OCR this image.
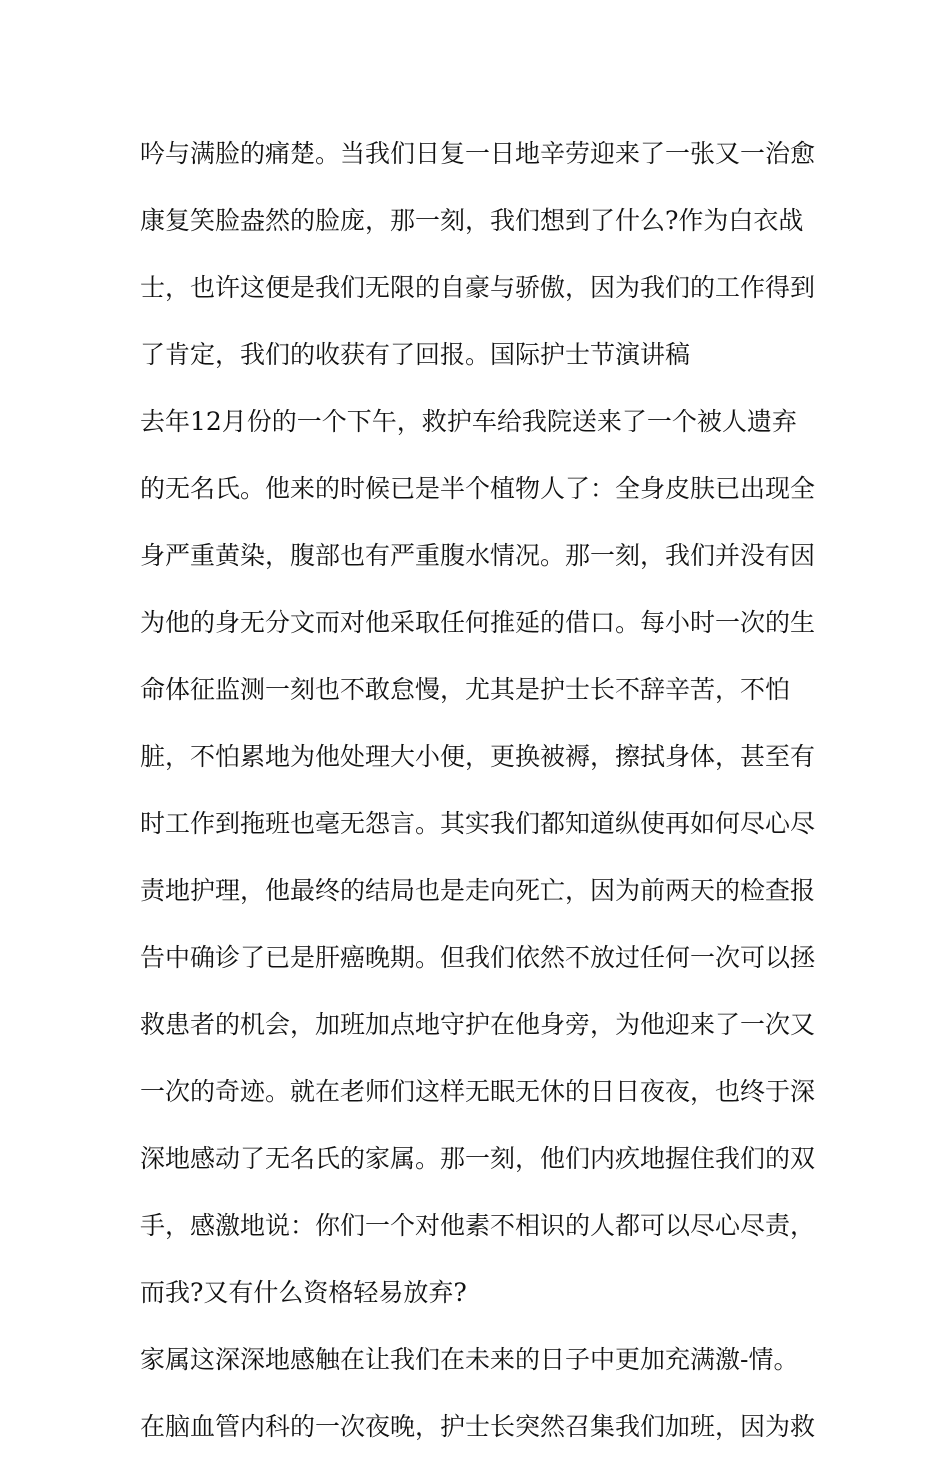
吟与满脸的痛楚。当我们日复一日地辛劳迎来了一张又一治愈

康复笑脸盎然的脸庞，那一刻，我们想到了什么?作为白衣战

士，也许这便是我们无限的自豪与骄傲，因为我们的工作得到

了肯定，我们的收获有了回报。国际护士节演讲稿

去年12月份的一个下午，救护车给我院送来了一个被人遗弃

的无名氏。他来的时候已是半个植物人了：全身皮肤已出现全

身严重黄染，腹部也有严重腹水情况。那一刻，我们并没有因

为他的身无分文而对他采取任何推延的借口。每小时一次的生

命体征监测一刻也不敢怠慢，尤其是护士长不辞辛苦，不怕

脏，不怕累地为他处理大小便，更换被褥，擦拭身体，甚至有

时工作到拖班也毫无怨言。其实我们都知道纵使再如何尽心尽

责地护理，他最终的结局也是走向死亡，因为前两天的检查报

告中确诊了已是肝癌晚期。但我们依然不放过任何一次可以拯

救患者的机会，加班加点地守护在他身旁，为他迎来了一次又

一次的奇迹。就在老师们这样无眠无休的日日夜夜，也终于深

深地感动了无名氏的家属。那一刻，他们内疚地握住我们的双

手，感激地说：你们一个对他素不相识的人都可以尽心尽责，

而我?又有什么资格轻易放弃?

家属这深深地感触在让我们在未来的日子中更加充满激-情。

在脑血管内科的一次夜晚，护士长突然召集我们加班，因为救
